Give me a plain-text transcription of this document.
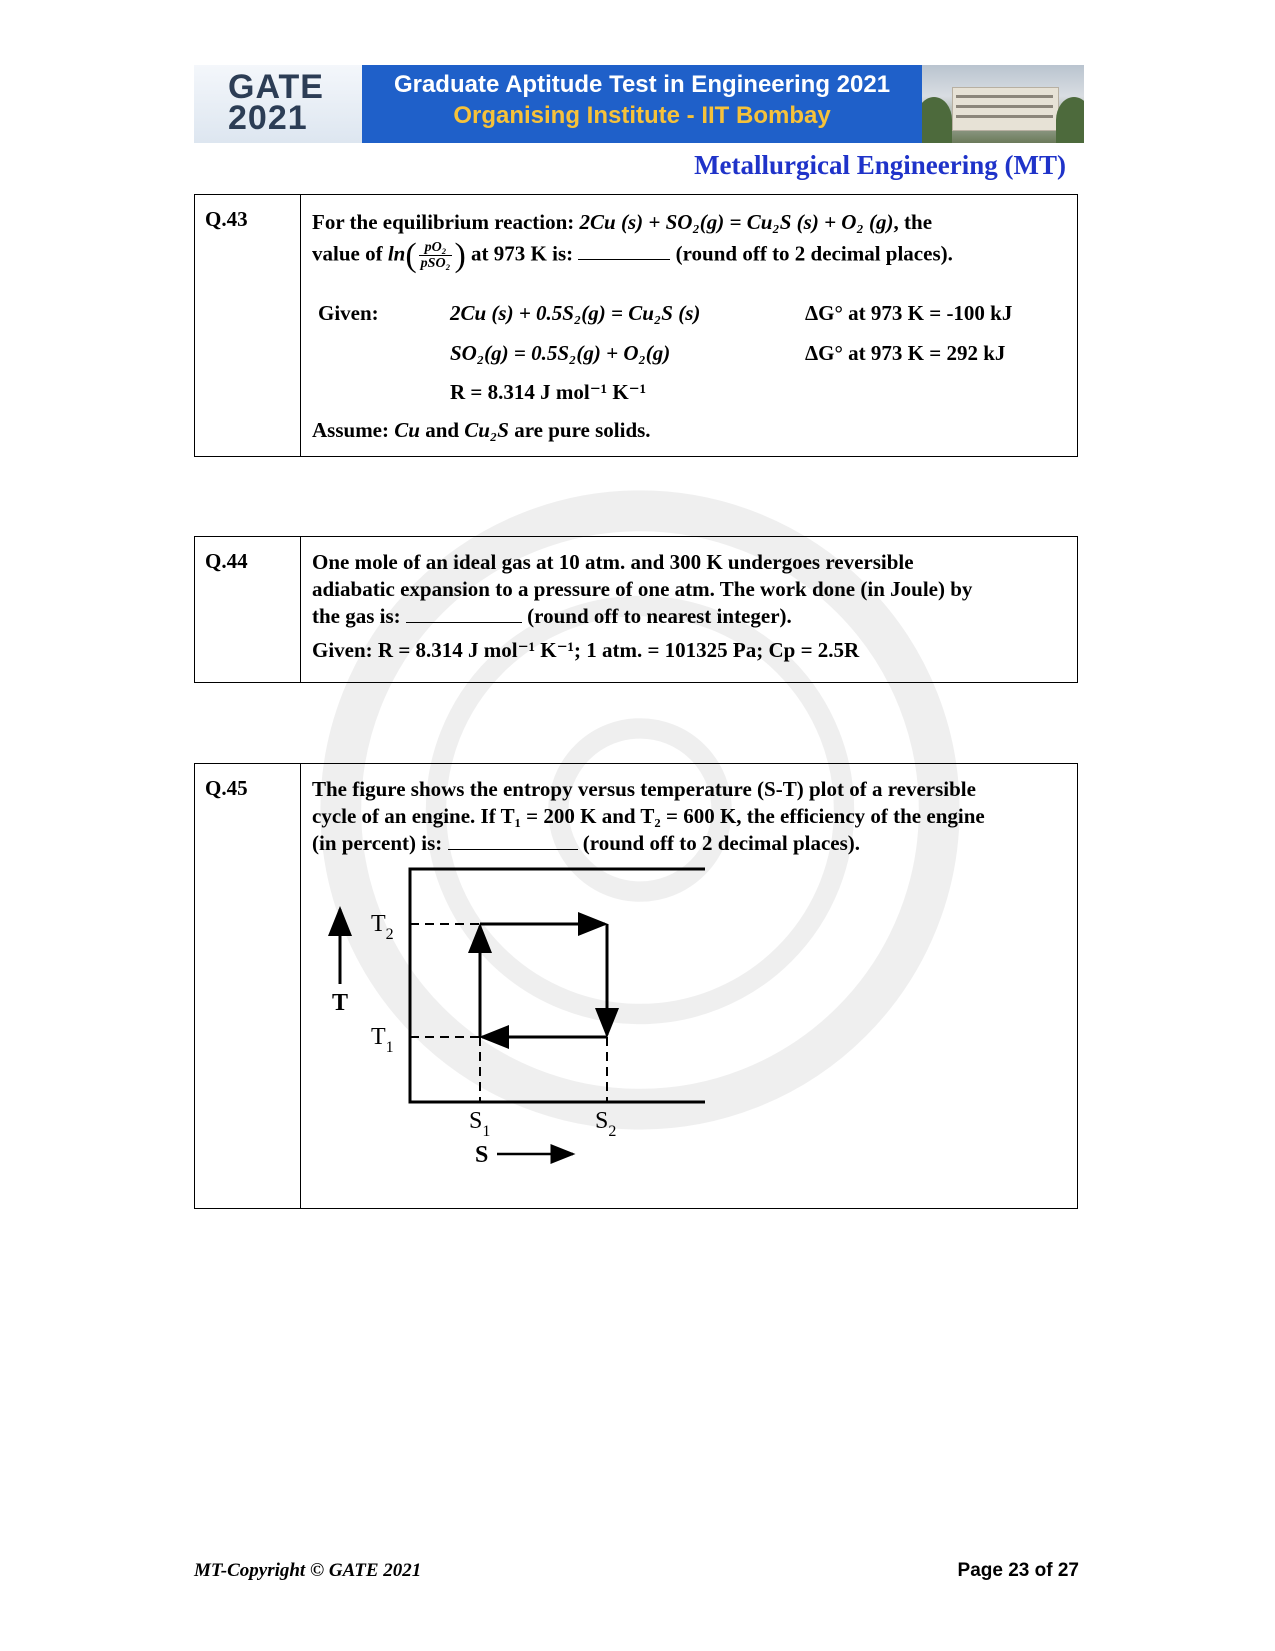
GATE
2021
Graduate Aptitude Test in Engineering 2021
Organising Institute - IIT Bombay
Metallurgical Engineering (MT)
Q.43	For the equilibrium reaction: 2Cu (s) + SO₂(g) = Cu₂S (s) + O₂ (g), the
value of $\ln( \frac{\text{pO₂}}{\text{pSO₂}}$ ) at 973 K is:	(round off to 2 decimal places).
Given:	2Cu (s) + 0.5S₂(g) = Cu₂S (s)	ΔG° at 973 K = -100 kJ
SO₂(g) = 0.5S₂(g) + O₂(g)	ΔG° at 973 K = 292 kJ
R = 8.314 J mol⁻¹ K⁻¹
Assume: Cu and Cu₂S are pure solids.
Q.44	One mole of an ideal gas at 10 atm. and 300 K undergoes reversible
adiabatic expansion to a pressure of one atm. The work done (in Joule) by
the gas is:	(round off to nearest integer).
Given: R = 8.314 J mol⁻¹ K⁻¹; 1 atm. = 101325 Pa; Cp = 2.5R
Q.45	The figure shows the entropy versus temperature (S-T) plot of a reversible
cycle of an engine. If T₁ = 200 K and T₂ = 600 K, the efficiency of the engine
(in percent) is:	(round off to 2 decimal places).
T
$T_2$
$T_1$
$S_1$	$S_2$
S
MT-Copyright © GATE 2021	Page 23 of 27
